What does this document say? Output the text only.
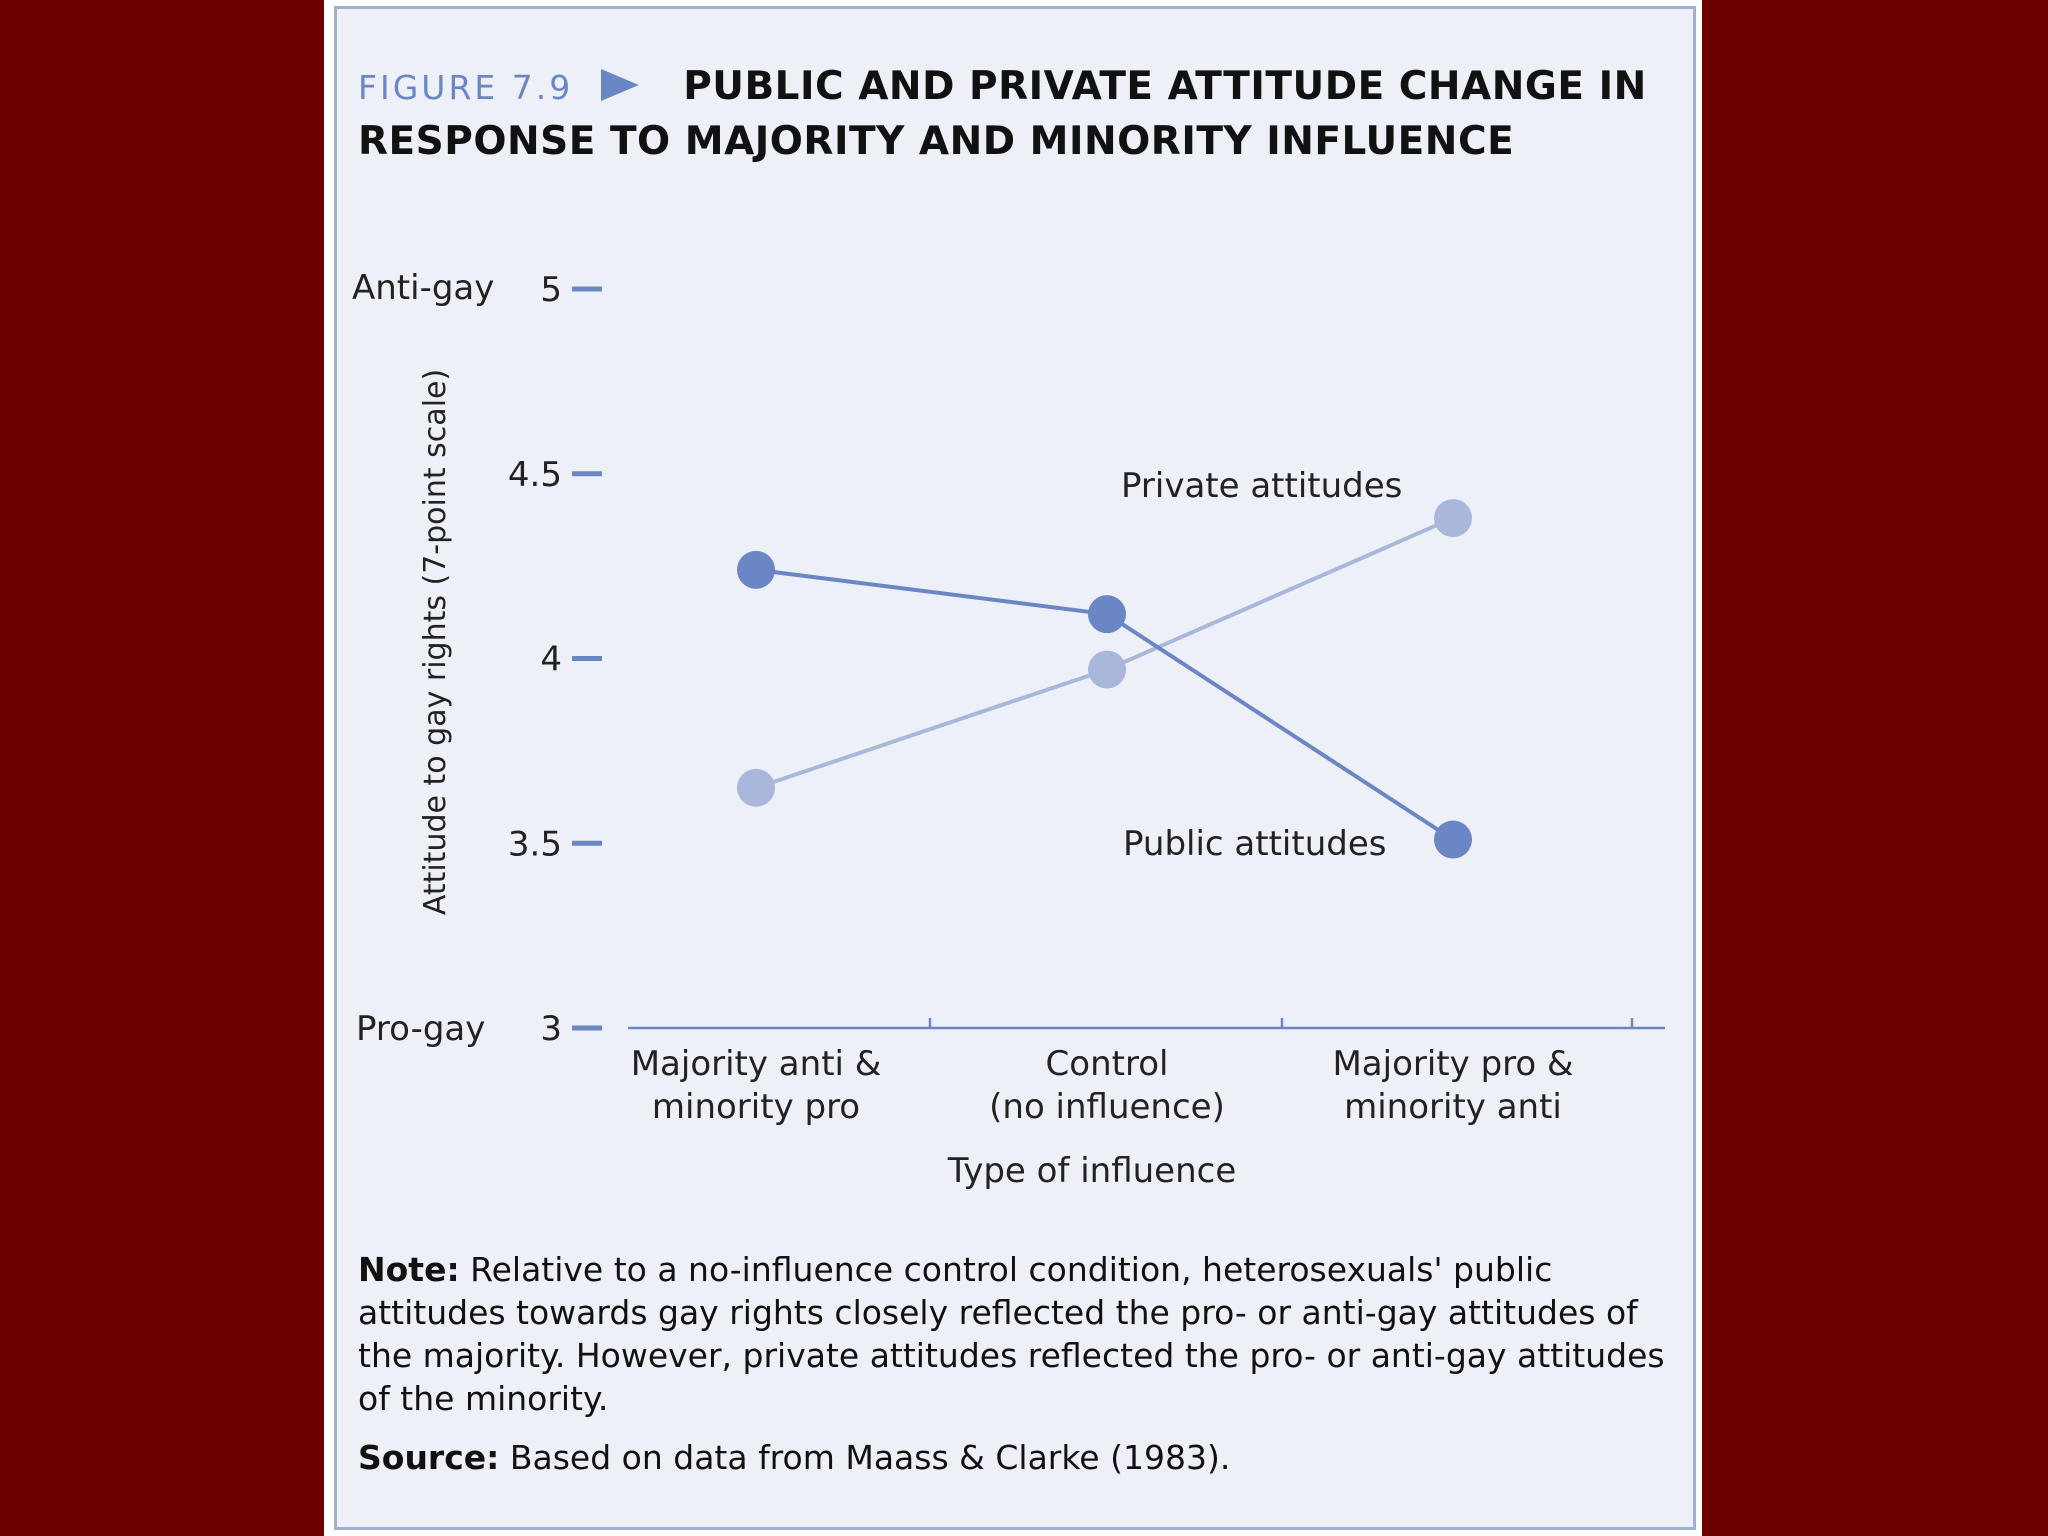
FIGURE 7.9	PUBLIC AND PRIVATE ATTITUDE CHANGE IN RESPONSE TO MAJORITY AND MINORITY INFLUENCE
3
3.5
4
4.5
5
Anti-gay
Pro-gay
Attitude to gay rights (7-point scale)
Majority anti &
minority pro
Control
(no influence)
Majority pro &
minority anti
Type of influence
Private attitudes
Public attitudes

Note: Relative to a no-influence control condition, heterosexuals' public attitudes towards gay rights closely reflected the pro- or anti-gay attitudes of the majority. However, private attitudes reflected the pro- or anti-gay attitudes of the minority.

Source: Based on data from Maass & Clarke (1983).
